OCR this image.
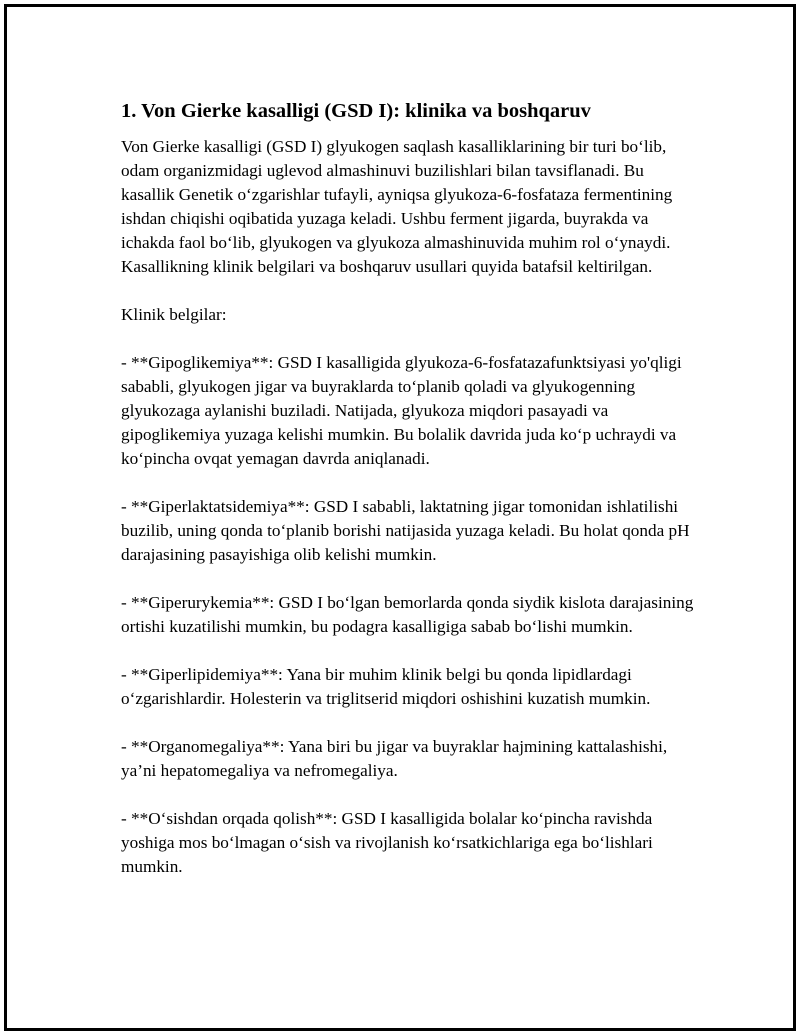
1. Von Gierke kasalligi (GSD I): klinika va boshqaruv

Von Gierke kasalligi (GSD I) glyukogen saqlash kasalliklarining bir turi bo‘lib, odam organizmidagi uglevod almashinuvi buzilishlari bilan tavsiflanadi. Bu kasallik Genetik o‘zgarishlar tufayli, ayniqsa glyukoza-6-fosfataza fermentining ishdan chiqishi oqibatida yuzaga keladi. Ushbu ferment jigarda, buyrakda va ichakda faol bo‘lib, glyukogen va glyukoza almashinuvida muhim rol o‘ynaydi. Kasallikning klinik belgilari va boshqaruv usullari quyida batafsil keltirilgan.

Klinik belgilar:

- **Gipoglikemiya**: GSD I kasalligida glyukoza-6-fosfatazafunktsiyasi yo'qligi sababli, glyukogen jigar va buyraklarda to‘planib qoladi va glyukogenning glyukozaga aylanishi buziladi. Natijada, glyukoza miqdori pasayadi va gipoglikemiya yuzaga kelishi mumkin. Bu bolalik davrida juda ko‘p uchraydi va ko‘pincha ovqat yemagan davrda aniqlanadi.

- **Giperlaktatsidemiya**: GSD I sababli, laktatning jigar tomonidan ishlatilishi buzilib, uning qonda to‘planib borishi natijasida yuzaga keladi. Bu holat qonda pH darajasining pasayishiga olib kelishi mumkin.

- **Giperurykemia**: GSD I bo‘lgan bemorlarda qonda siydik kislota darajasining ortishi kuzatilishi mumkin, bu podagra kasalligiga sabab bo‘lishi mumkin.

- **Giperlipidemiya**: Yana bir muhim klinik belgi bu qonda lipidlardagi o‘zgarishlardir. Holesterin va triglitserid miqdori oshishini kuzatish mumkin.

- **Organomegaliya**: Yana biri bu jigar va buyraklar hajmining kattalashishi, ya’ni hepatomegaliya va nefromegaliya.

- **O‘sishdan orqada qolish**: GSD I kasalligida bolalar ko‘pincha ravishda yoshiga mos bo‘lmagan o‘sish va rivojlanish ko‘rsatkichlariga ega bo‘lishlari mumkin.
